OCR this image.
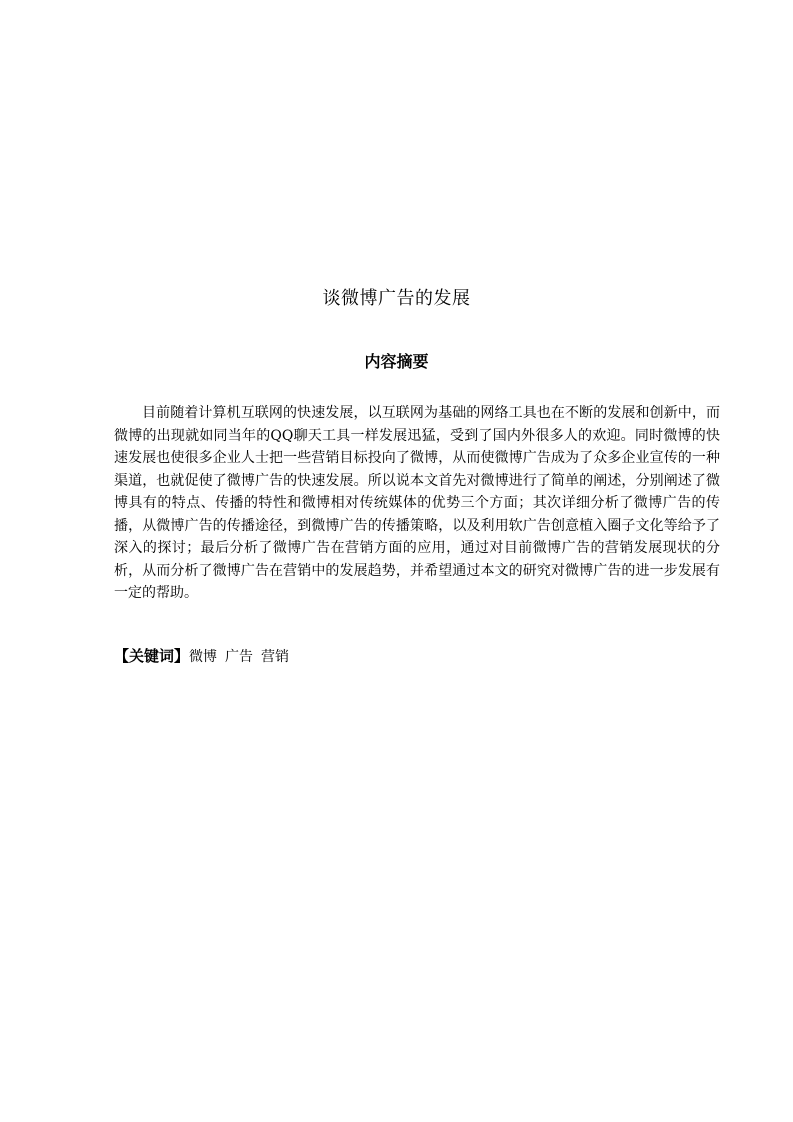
谈微博广告的发展
内容摘要

目前随着计算机互联网的快速发展，以互联网为基础的网络工具也在不断的发展和创新中，而微博的出现就如同当年的QQ聊天工具一样发展迅猛，受到了国内外很多人的欢迎。同时微博的快速发展也使很多企业人士把一些营销目标投向了微博，从而使微博广告成为了众多企业宣传的一种渠道，也就促使了微博广告的快速发展。所以说本文首先对微博进行了简单的阐述，分别阐述了微博具有的特点、传播的特性和微博相对传统媒体的优势三个方面；其次详细分析了微博广告的传播，从微博广告的传播途径，到微博广告的传播策略，以及利用软广告创意植入圈子文化等给予了深入的探讨；最后分析了微博广告在营销方面的应用，通过对目前微博广告的营销发展现状的分析，从而分析了微博广告在营销中的发展趋势，并希望通过本文的研究对微博广告的进一步发展有一定的帮助。

【关键词】微博 广告 营销
